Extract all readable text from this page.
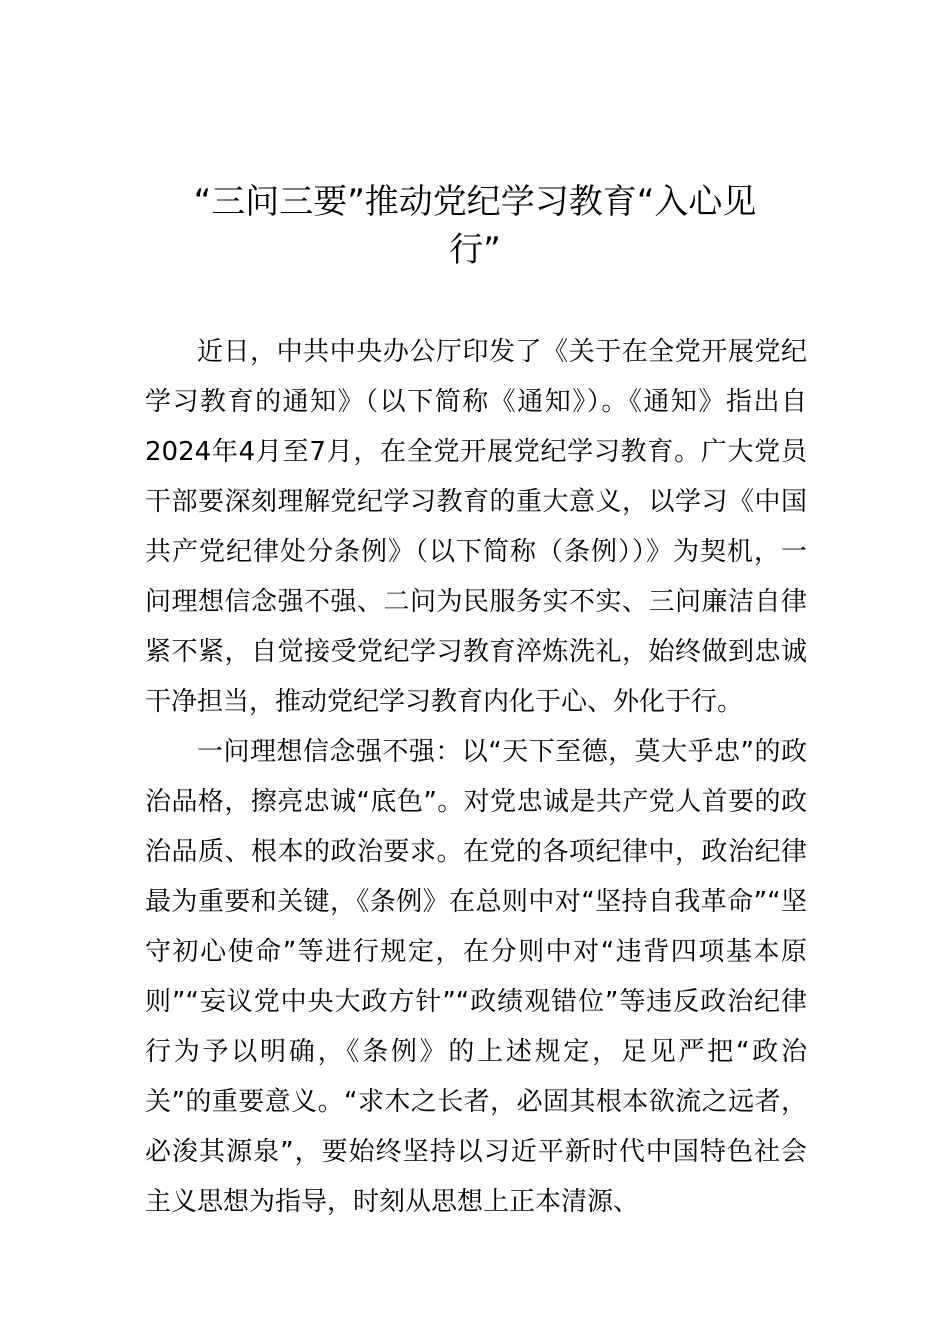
“三问三要”推动党纪学习教育“入心见
行”

近日，中共中央办公厅印发了《关于在全党开展党纪学习教育的通知》（以下简称《通知》）。《通知》指出自2024年4月至7月，在全党开展党纪学习教育。广大党员干部要深刻理解党纪学习教育的重大意义，以学习《中国共产党纪律处分条例》（以下简称（条例））》为契机，一问理想信念强不强、二问为民服务实不实、三问廉洁自律紧不紧，自觉接受党纪学习教育淬炼洗礼，始终做到忠诚干净担当，推动党纪学习教育内化于心、外化于行。

一问理想信念强不强：以“天下至德，莫大乎忠”的政治品格，擦亮忠诚“底色”。对党忠诚是共产党人首要的政治品质、根本的政治要求。在党的各项纪律中，政治纪律最为重要和关键，《条例》在总则中对“坚持自我革命”“坚守初心使命”等进行规定，在分则中对“违背四项基本原则”“妄议党中央大政方针”“政绩观错位”等违反政治纪律行为予以明确，《条例》的上述规定，足见严把“政治关”的重要意义。“求木之长者，必固其根本欲流之远者，必浚其源泉”，要始终坚持以习近平新时代中国特色社会主义思想为指导，时刻从思想上正本清源、
